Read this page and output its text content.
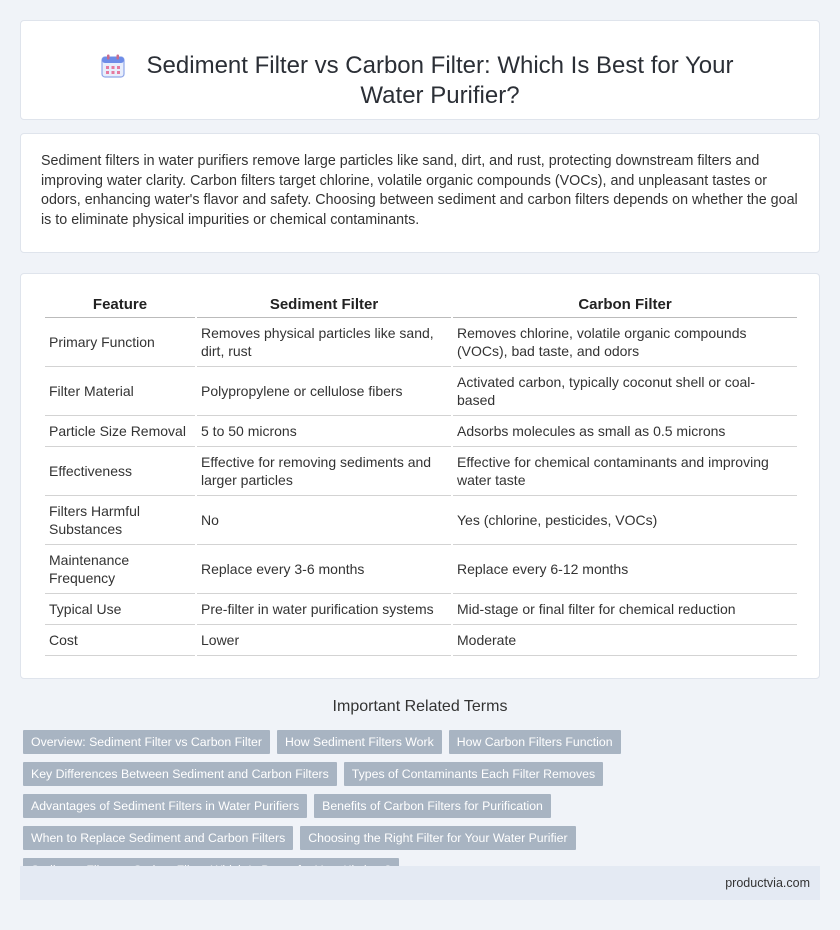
Sediment Filter vs Carbon Filter: Which Is Best for Your Water Purifier?

Sediment filters in water purifiers remove large particles like sand, dirt, and rust, protecting downstream filters and improving water clarity. Carbon filters target chlorine, volatile organic compounds (VOCs), and unpleasant tastes or odors, enhancing water's flavor and safety. Choosing between sediment and carbon filters depends on whether the goal is to eliminate physical impurities or chemical contaminants.

Feature	Sediment Filter	Carbon Filter
Primary Function	Removes physical particles like sand, dirt, rust	Removes chlorine, volatile organic compounds (VOCs), bad taste, and odors
Filter Material	Polypropylene or cellulose fibers	Activated carbon, typically coconut shell or coal-based
Particle Size Removal	5 to 50 microns	Adsorbs molecules as small as 0.5 microns
Effectiveness	Effective for removing sediments and larger particles	Effective for chemical contaminants and improving water taste
Filters Harmful Substances	No	Yes (chlorine, pesticides, VOCs)
Maintenance Frequency	Replace every 3-6 months	Replace every 6-12 months
Typical Use	Pre-filter in water purification systems	Mid-stage or final filter for chemical reduction
Cost	Lower	Moderate
Important Related Terms
Overview: Sediment Filter vs Carbon Filter	How Sediment Filters Work	How Carbon Filters Function
Key Differences Between Sediment and Carbon Filters	Types of Contaminants Each Filter Removes
Advantages of Sediment Filters in Water Purifiers	Benefits of Carbon Filters for Purification
When to Replace Sediment and Carbon Filters	Choosing the Right Filter for Your Water Purifier
productvia.com
